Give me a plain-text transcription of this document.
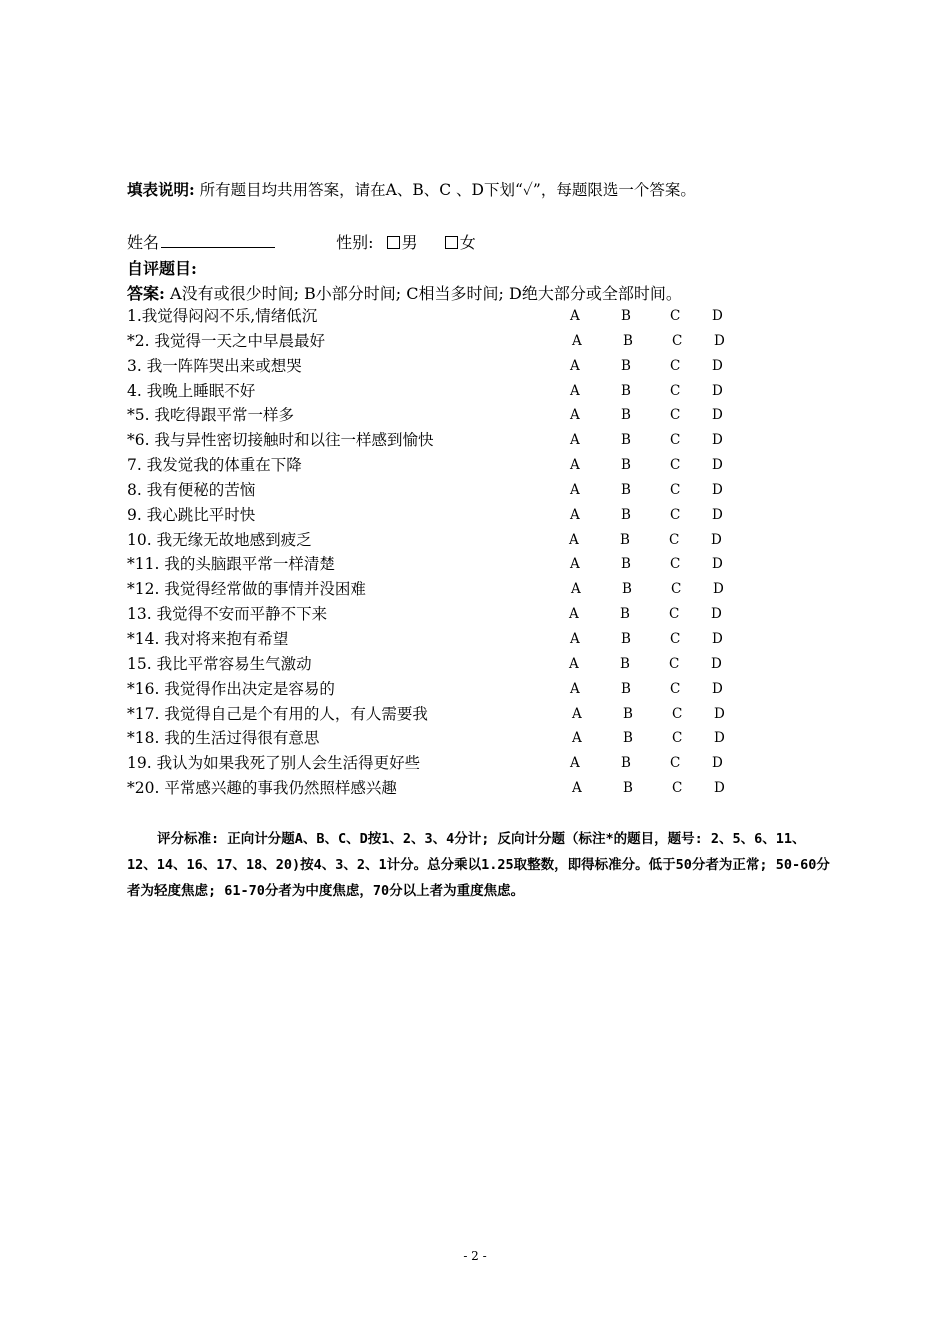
填表说明: 所有题目均共用答案，请在A、B、C 、D下划“✓”，每题限选一个答案。
姓名	性别: 男	女
自评题目:
答案: A没有或很少时间; B小部分时间; C相当多时间; D绝大部分或全部时间。
1.我觉得闷闷不乐,情绪低沉	A	B	C D
*2. 我觉得一天之中早晨最好	A	B	C D
3. 我一阵阵哭出来或想哭	A	B	C D
4. 我晚上睡眠不好	A	B	C D
*5. 我吃得跟平常一样多	A	B	C D
*6. 我与异性密切接触时和以往一样感到愉快	A	B	C D
7. 我发觉我的体重在下降	A	B	C D
8. 我有便秘的苦恼	A	B	C D
9. 我心跳比平时快	A	B	C D
10. 我无缘无故地感到疲乏	A	B	C D
*11. 我的头脑跟平常一样清楚	A	B	C D
*12. 我觉得经常做的事情并没困难	A	B	C D
13. 我觉得不安而平静不下来	A	B	C D
*14. 我对将来抱有希望	A	B	C D
15. 我比平常容易生气激动	A	B	C D
*16. 我觉得作出决定是容易的	A	B	C D
*17. 我觉得自己是个有用的人，有人需要我	A	B	C D
*18. 我的生活过得很有意思	A	B	C D
19. 我认为如果我死了别人会生活得更好些	A	B	C D
*20. 平常感兴趣的事我仍然照样感兴趣	A	B	C D
评分标准: 正向计分题A、B、C、D按1、2、3、4分计; 反向计分题（标注*的题目，题号: 2、5、6、11、12、14、16、17、18、20)按4、3、2、1计分。总分乘以1.25取整数，即得标准分。低于50分者为正常; 50-60分者为轻度焦虑; 61-70分者为中度焦虑，70分以上者为重度焦虑。
- 2 -
